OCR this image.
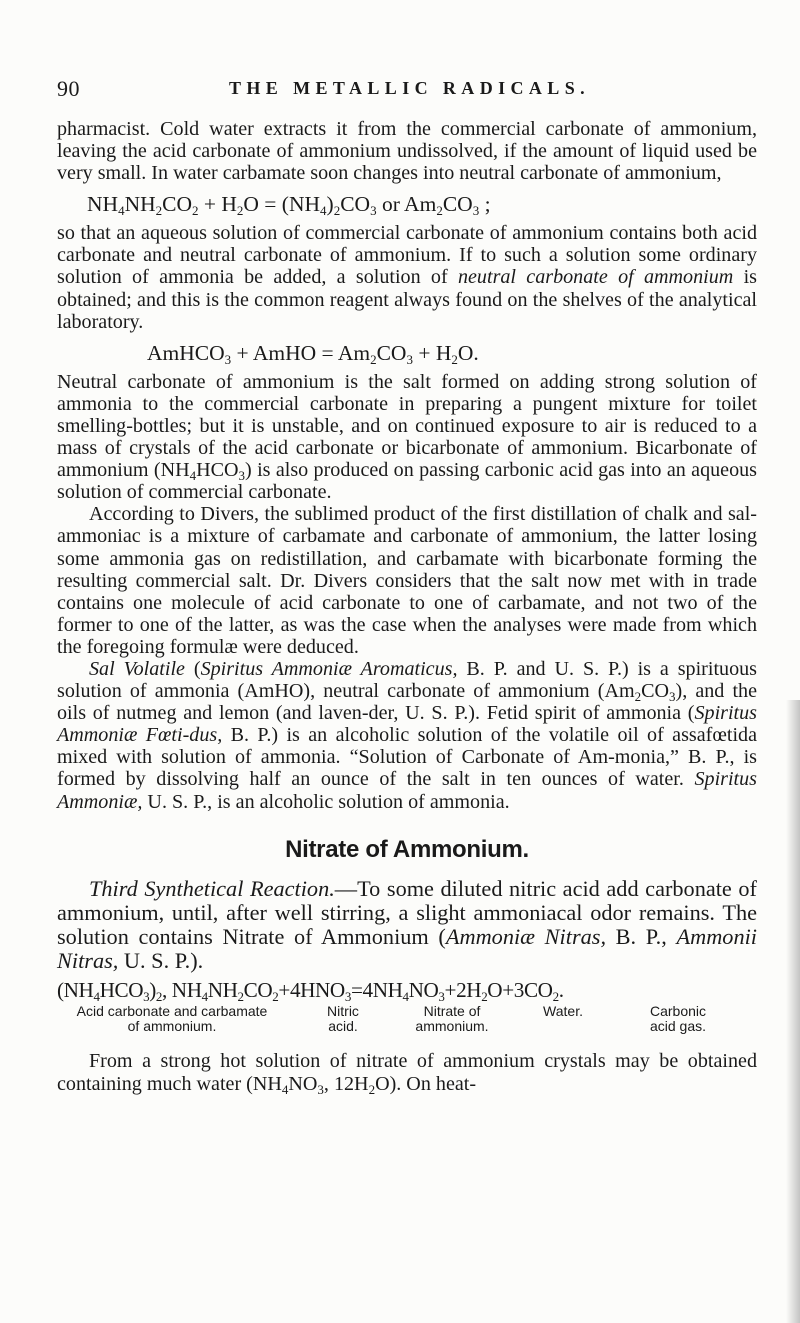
90	THE METALLIC RADICALS.

pharmacist. Cold water extracts it from the commercial carbonate of ammonium, leaving the acid carbonate of ammonium undissolved, if the amount of liquid used be very small. In water carbamate soon changes into neutral carbonate of ammonium,

$NH_4NH_2CO_2 + H_2O = (NH_4)_2CO_3$ or $Am_2CO_3$ ;

so that an aqueous solution of commercial carbonate of ammonium contains both acid carbonate and neutral carbonate of ammonium. If to such a solution some ordinary solution of ammonia be added, a solution of neutral carbonate of ammonium is obtained; and this is the common reagent always found on the shelves of the analytical laboratory.

AmHCO$_3$ + AmHO = $Am_2CO_3 + H_2O$.

Neutral carbonate of ammonium is the salt formed on adding strong solution of ammonia to the commercial carbonate in preparing a pungent mixture for toilet smelling-bottles; but it is unstable, and on continued exposure to air is reduced to a mass of crystals of the acid carbonate or bicarbonate of ammonium. Bicarbonate of ammonium $(NH_4HCO_3)$ is also produced on passing carbonic acid gas into an aqueous solution of commercial carbonate.

According to Divers, the sublimed product of the first distillation of chalk and sal-ammoniac is a mixture of carbamate and carbonate of ammonium, the latter losing some ammonia gas on redistillation, and carbamate with bicarbonate forming the resulting commercial salt. Dr. Divers considers that the salt now met with in trade contains one molecule of acid carbonate to one of carbamate, and not two of the former to one of the latter, as was the case when the analyses were made from which the foregoing formulæ were deduced.

Sal Volatile (Spiritus Ammoniæ Aromaticus, B. P. and U. S. P.) is a spirituous solution of ammonia (AmHO), neutral carbonate of ammonium $(Am_2CO_3)$, and the oils of nutmeg and lemon (and laven-der, U. S. P.). Fetid spirit of ammonia (Spiritus Ammoniæ Fœti-dus, B. P.) is an alcoholic solution of the volatile oil of assafœtida mixed with solution of ammonia. “Solution of Carbonate of Am-monia,” B. P., is formed by dissolving half an ounce of the salt in ten ounces of water. Spiritus Ammoniæ, U. S. P., is an alcoholic solution of ammonia.

Nitrate of Ammonium.

Third Synthetical Reaction.—To some diluted nitric acid add carbonate of ammonium, until, after well stirring, a slight ammoniacal odor remains. The solution contains Nitrate of Ammonium (Ammoniæ Nitras, B. P., Ammonii Nitras, U. S. P.).

$(NH_4HCO_3)_2$, $NH_4NH_2CO_2+4HNO_3=4NH_4NO_3+2H_2O+3CO_2$.
Acid carbonate and carbamate
of ammonium.
Nitric
acid.
Nitrate of
ammonium.
Water.	Carbonic
acid gas.

From a strong hot solution of nitrate of ammonium crystals may be obtained containing much water ($NH_4NO_3$, $12H_2O$). On heat-
